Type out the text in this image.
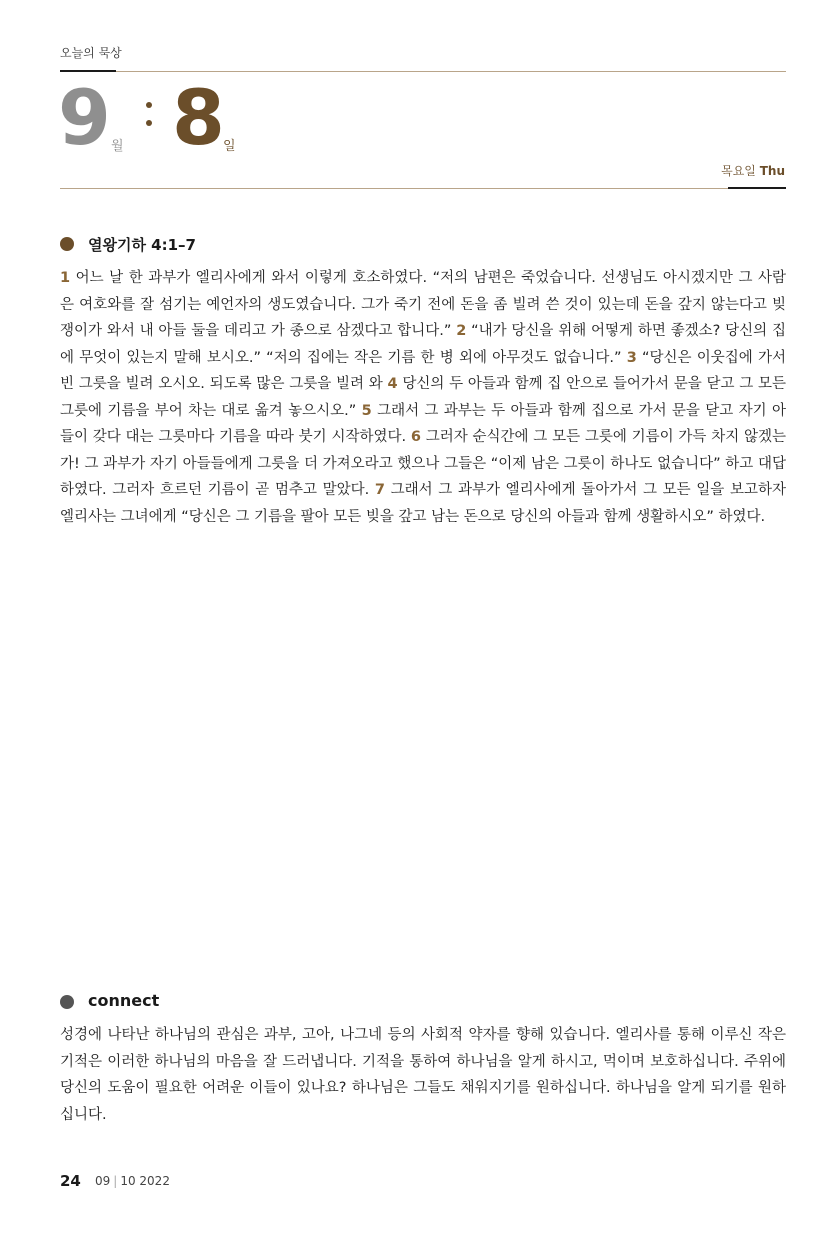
오늘의 묵상
9 월 8
일
목요일 Thu
열왕기하 4:1–7
1 어느 날 한 과부가 엘리사에게 와서 이렇게 호소하였다. “저의 남편은 죽었습니다. 선생님도 아시겠지만 그 사람은 여호와를 잘 섬기는 예언자의 생도였습니다. 그가 죽기 전에 돈을 좀 빌려 쓴 것이 있는데 돈을 갚지 않는다고 빚쟁이가 와서 내 아들 둘을 데리고 가 종으로 삼겠다고 합니다.” 2 “내가 당신을 위해 어떻게 하면 좋겠소? 당신의 집에 무엇이 있는지 말해 보시오.” “저의 집에는 작은 기름 한 병 외에 아무것도 없습니다.” 3 “당신은 이웃집에 가서 빈 그릇을 빌려 오시오. 되도록 많은 그릇을 빌려 와 4 당신의 두 아들과 함께 집 안으로 들어가서 문을 닫고 그 모든 그릇에 기름을 부어 차는 대로 옮겨 놓으시오.” 5 그래서 그 과부는 두 아들과 함께 집으로 가서 문을 닫고 자기 아들이 갖다 대는 그릇마다 기름을 따라 붓기 시작하였다. 6 그러자 순식간에 그 모든 그릇에 기름이 가득 차지 않겠는가! 그 과부가 자기 아들들에게 그릇을 더 가져오라고 했으나 그들은 “이제 남은 그릇이 하나도 없습니다” 하고 대답하였다. 그러자 흐르던 기름이 곧 멈추고 말았다. 7 그래서 그 과부가 엘리사에게 돌아가서 그 모든 일을 보고하자 엘리사는 그녀에게 “당신은 그 기름을 팔아 모든 빚을 갚고 남는 돈으로 당신의 아들과 함께 생활하시오” 하였다.
connect
성경에 나타난 하나님의 관심은 과부, 고아, 나그네 등의 사회적 약자를 향해 있습니다. 엘리사를 통해 이루신 작은 기적은 이러한 하나님의 마음을 잘 드러냅니다. 기적을 통하여 하나님을 알게 하시고, 먹이며 보호하십니다. 주위에 당신의 도움이 필요한 어려운 이들이 있나요? 하나님은 그들도 채워지기를 원하십니다. 하나님을 알게 되기를 원하십니다.
24 09 | 10 2022
